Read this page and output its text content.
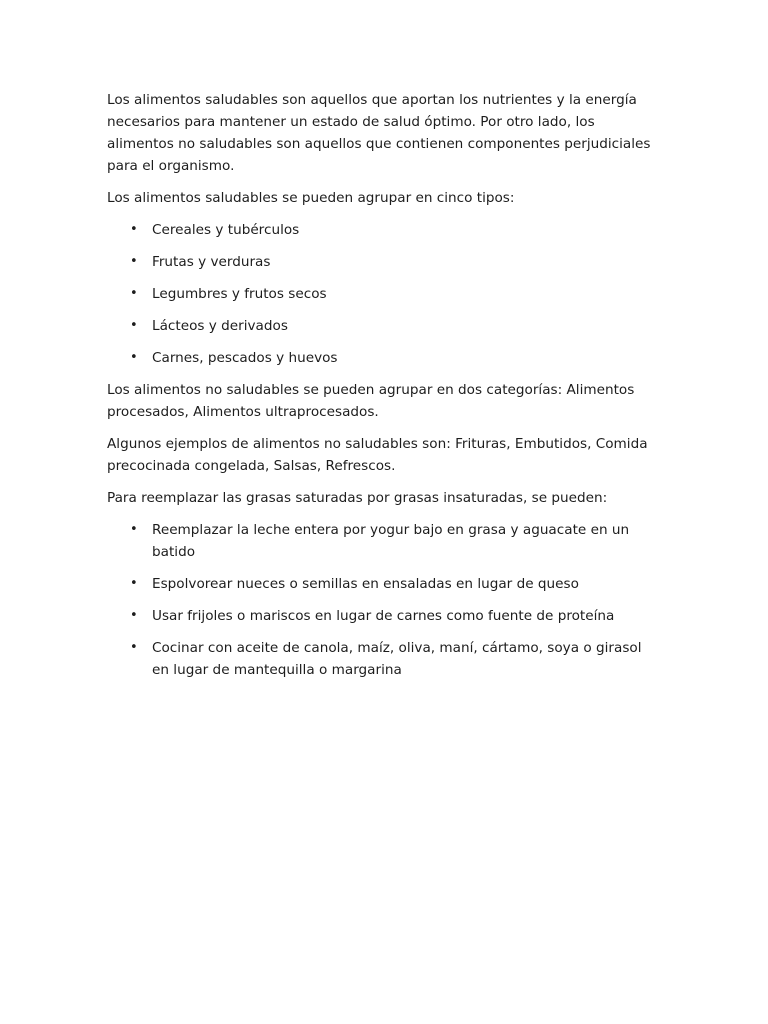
Los alimentos saludables son aquellos que aportan los nutrientes y la energía necesarios para mantener un estado de salud óptimo. Por otro lado, los alimentos no saludables son aquellos que contienen componentes perjudiciales para el organismo.

Los alimentos saludables se pueden agrupar en cinco tipos:

• Cereales y tubérculos
• Frutas y verduras
• Legumbres y frutos secos
• Lácteos y derivados
• Carnes, pescados y huevos

Los alimentos no saludables se pueden agrupar en dos categorías: Alimentos procesados, Alimentos ultraprocesados.

Algunos ejemplos de alimentos no saludables son: Frituras, Embutidos, Comida precocinada congelada, Salsas, Refrescos.

Para reemplazar las grasas saturadas por grasas insaturadas, se pueden:

• Reemplazar la leche entera por yogur bajo en grasa y aguacate en un batido
• Espolvorear nueces o semillas en ensaladas en lugar de queso
• Usar frijoles o mariscos en lugar de carnes como fuente de proteína
• Cocinar con aceite de canola, maíz, oliva, maní, cártamo, soya o girasol en lugar de mantequilla o margarina
